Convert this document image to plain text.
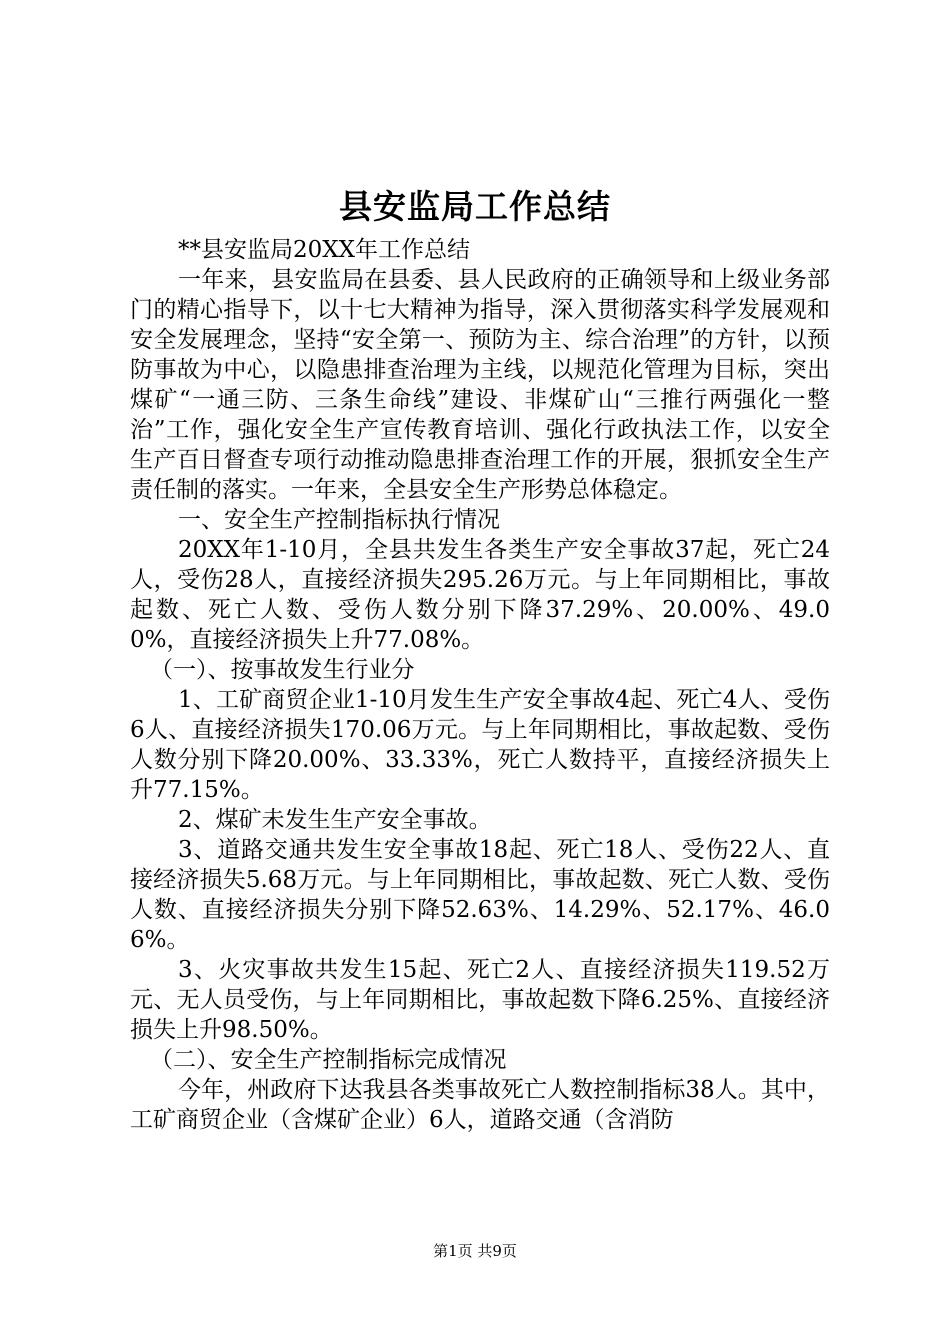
县安监局工作总结

**县安监局20XX年工作总结

一年来，县安监局在县委、县人民政府的正确领导和上级业务部门的精心指导下，以十七大精神为指导，深入贯彻落实科学发展观和安全发展理念，坚持“安全第一、预防为主、综合治理”的方针，以预防事故为中心，以隐患排查治理为主线，以规范化管理为目标，突出煤矿“一通三防、三条生命线”建设、非煤矿山“三推行两强化一整治”工作，强化安全生产宣传教育培训、强化行政执法工作，以安全生产百日督查专项行动推动隐患排查治理工作的开展，狠抓安全生产责任制的落实。一年来，全县安全生产形势总体稳定。

一、安全生产控制指标执行情况

20XX年1-10月，全县共发生各类生产安全事故37起，死亡24人，受伤28人，直接经济损失295.26万元。与上年同期相比，事故起数、死亡人数、受伤人数分别下降37.29%、20.00%、49.00%，直接经济损失上升77.08%。

（一）、按事故发生行业分

1、工矿商贸企业1-10月发生生产安全事故4起、死亡4人、受伤6人、直接经济损失170.06万元。与上年同期相比，事故起数、受伤人数分别下降20.00%、33.33%，死亡人数持平，直接经济损失上升77.15%。

2、煤矿未发生生产安全事故。

3、道路交通共发生安全事故18起、死亡18人、受伤22人、直接经济损失5.68万元。与上年同期相比，事故起数、死亡人数、受伤人数、直接经济损失分别下降52.63%、14.29%、52.17%、46.06%。

3、火灾事故共发生15起、死亡2人、直接经济损失119.52万元、无人员受伤，与上年同期相比，事故起数下降6.25%、直接经济损失上升98.50%。

（二）、安全生产控制指标完成情况

今年，州政府下达我县各类事故死亡人数控制指标38人。其中，工矿商贸企业（含煤矿企业）6人，道路交通（含消防

第1页 共9页
